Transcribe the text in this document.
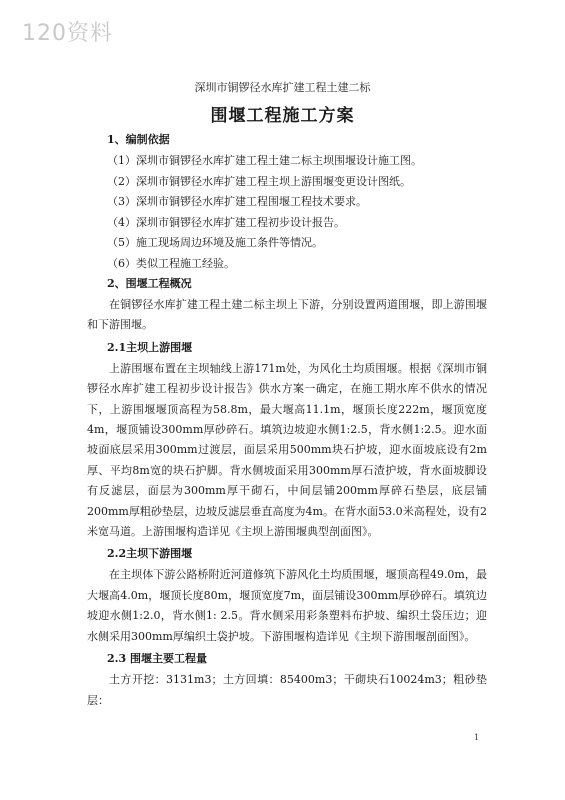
120资料
深圳市铜锣径水库扩建工程土建二标
围堰工程施工方案
1、编制依据
（1）深圳市铜锣径水库扩建工程土建二标主坝围堰设计施工图。
（2）深圳市铜锣径水库扩建工程主坝上游围堰变更设计图纸。
（3）深圳市铜锣径水库扩建工程围堰工程技术要求。
（4）深圳市铜锣径水库扩建工程初步设计报告。
（5）施工现场周边环境及施工条件等情况。
（6）类似工程施工经验。
2、围堰工程概况

在铜锣径水库扩建工程土建二标主坝上下游，分别设置两道围堰，即上游围堰和下游围堰。

2.1主坝上游围堰

上游围堰布置在主坝轴线上游171m处，为风化土均质围堰。根据《深圳市铜锣径水库扩建工程初步设计报告》供水方案一确定，在施工期水库不供水的情况下，上游围堰堰顶高程为58.8m，最大堰高11.1m，堰顶长度222m，堰顶宽度4m，堰顶铺设300mm厚砂碎石。填筑边坡迎水侧1:2.5，背水侧1:2.5。迎水面坡面底层采用300mm过渡层，面层采用500mm块石护坡，迎水面坡底设有2m厚、平均8m宽的块石护脚。背水侧坡面采用300mm厚石渣护坡，背水面坡脚设有反滤层，面层为300mm厚干砌石，中间层铺200mm厚碎石垫层，底层铺200mm厚粗砂垫层，边坡反滤层垂直高度为4m。在背水面53.0米高程处，设有2米宽马道。上游围堰构造详见《主坝上游围堰典型剖面图》。

2.2主坝下游围堰

在主坝体下游公路桥附近河道修筑下游风化土均质围堰，堰顶高程49.0m，最大堰高4.0m，堰顶长度80m，堰顶宽度7m，面层铺设300mm厚砂碎石。填筑边坡迎水侧1:2.0，背水侧1: 2.5。背水侧采用彩条塑料布护坡、编织土袋压边；迎水侧采用300mm厚编织土袋护坡。下游围堰构造详见《主坝下游围堰剖面图》。

2.3 围堰主要工程量

土方开挖：3131m3；土方回填：85400m3；干砌块石10024m3；粗砂垫层：

1
